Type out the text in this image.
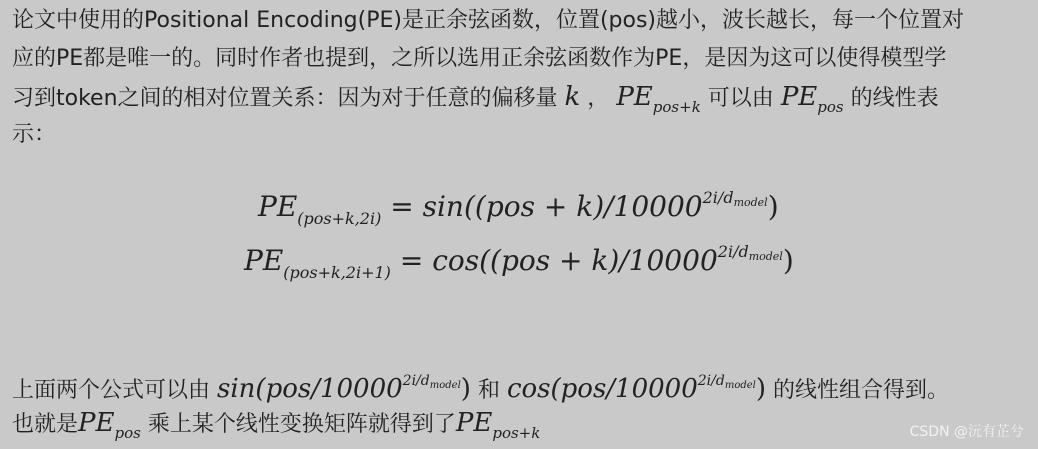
论文中使用的Positional Encoding(PE)是正余弦函数，位置(pos)越小，波长越长，每一个位置对
应的PE都是唯一的。同时作者也提到，之所以选用正余弦函数作为PE，是因为这可以使得模型学
习到token之间的相对位置关系：因为对于任意的偏移量 k ， $PE_{pos+k}$ 可以由 $PE_{pos}$ 的线性表
示：
$PE_{(pos+k,2i)} = \sin((pos + k)/10000^{2i/dmodel})$
$PE_{(pos+k,2i+1)} = \cos((pos + k)/10000^{2i/dmodel})$
上面两个公式可以由 $\sin(pos/10000^{2i/d_{model}})$ 和 $\cos(pos/10000^{2i/d_{model}})$ 的线性组合得到。
也就是$PE_{pos}$ 乘上某个线性变换矩阵就得到了$PE_{pos+k}$	CSDN @沅有芷兮
